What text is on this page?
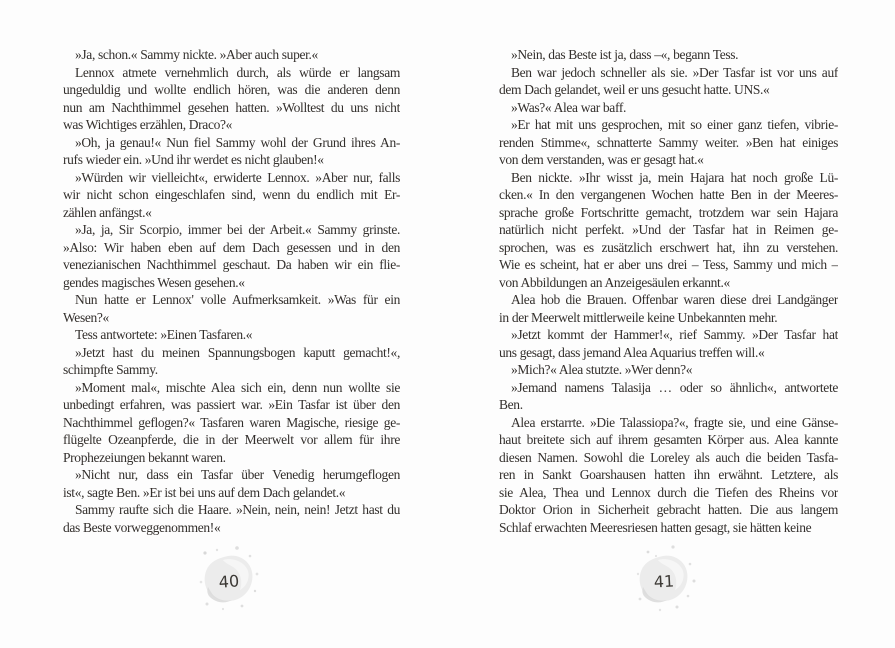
»Ja, schon.« Sammy nickte. »Aber auch super.«
Lennox atmete vernehmlich durch, als würde er langsam
ungeduldig und wollte endlich hören, was die anderen denn
nun am Nachthimmel gesehen hatten. »Wolltest du uns nicht
was Wichtiges erzählen, Draco?«
»Oh, ja genau!« Nun fiel Sammy wohl der Grund ihres An-
rufs wieder ein. »Und ihr werdet es nicht glauben!«
»Würden wir vielleicht«, erwiderte Lennox. »Aber nur, falls
wir nicht schon eingeschlafen sind, wenn du endlich mit Er-
zählen anfängst.«
»Ja, ja, Sir Scorpio, immer bei der Arbeit.« Sammy grinste.
»Also: Wir haben eben auf dem Dach gesessen und in den
venezianischen Nachthimmel geschaut. Da haben wir ein flie-
gendes magisches Wesen gesehen.«
Nun hatte er Lennox' volle Aufmerksamkeit. »Was für ein
Wesen?«
Tess antwortete: »Einen Tasfaren.«
»Jetzt hast du meinen Spannungsbogen kaputt gemacht!«,
schimpfte Sammy.
»Moment mal«, mischte Alea sich ein, denn nun wollte sie
unbedingt erfahren, was passiert war. »Ein Tasfar ist über den
Nachthimmel geflogen?« Tasfaren waren Magische, riesige ge-
flügelte Ozeanpferde, die in der Meerwelt vor allem für ihre
Prophezeiungen bekannt waren.
»Nicht nur, dass ein Tasfar über Venedig herumgeflogen
ist«, sagte Ben. »Er ist bei uns auf dem Dach gelandet.«
Sammy raufte sich die Haare. »Nein, nein, nein! Jetzt hast du
das Beste vorweggenommen!«
40
»Nein, das Beste ist ja, dass –«, begann Tess.
Ben war jedoch schneller als sie. »Der Tasfar ist vor uns auf
dem Dach gelandet, weil er uns gesucht hatte. UNS.«
»Was?« Alea war baff.
»Er hat mit uns gesprochen, mit so einer ganz tiefen, vibrie-
renden Stimme«, schnatterte Sammy weiter. »Ben hat einiges
von dem verstanden, was er gesagt hat.«
Ben nickte. »Ihr wisst ja, mein Hajara hat noch große Lü-
cken.« In den vergangenen Wochen hatte Ben in der Meeres-
sprache große Fortschritte gemacht, trotzdem war sein Hajara
natürlich nicht perfekt. »Und der Tasfar hat in Reimen ge-
sprochen, was es zusätzlich erschwert hat, ihn zu verstehen.
Wie es scheint, hat er aber uns drei – Tess, Sammy und mich –
von Abbildungen an Anzeigesäulen erkannt.«
Alea hob die Brauen. Offenbar waren diese drei Landgänger
in der Meerwelt mittlerweile keine Unbekannten mehr.
»Jetzt kommt der Hammer!«, rief Sammy. »Der Tasfar hat
uns gesagt, dass jemand Alea Aquarius treffen will.«
»Mich?« Alea stutzte. »Wer denn?«
»Jemand namens Talasija … oder so ähnlich«, antwortete
Ben.
Alea erstarrte. »Die Talassiopa?«, fragte sie, und eine Gänse-
haut breitete sich auf ihrem gesamten Körper aus. Alea kannte
diesen Namen. Sowohl die Loreley als auch die beiden Tasfa-
ren in Sankt Goarshausen hatten ihn erwähnt. Letztere, als
sie Alea, Thea und Lennox durch die Tiefen des Rheins vor
Doktor Orion in Sicherheit gebracht hatten. Die aus langem
Schlaf erwachten Meeresriesen hatten gesagt, sie hätten keine
41
